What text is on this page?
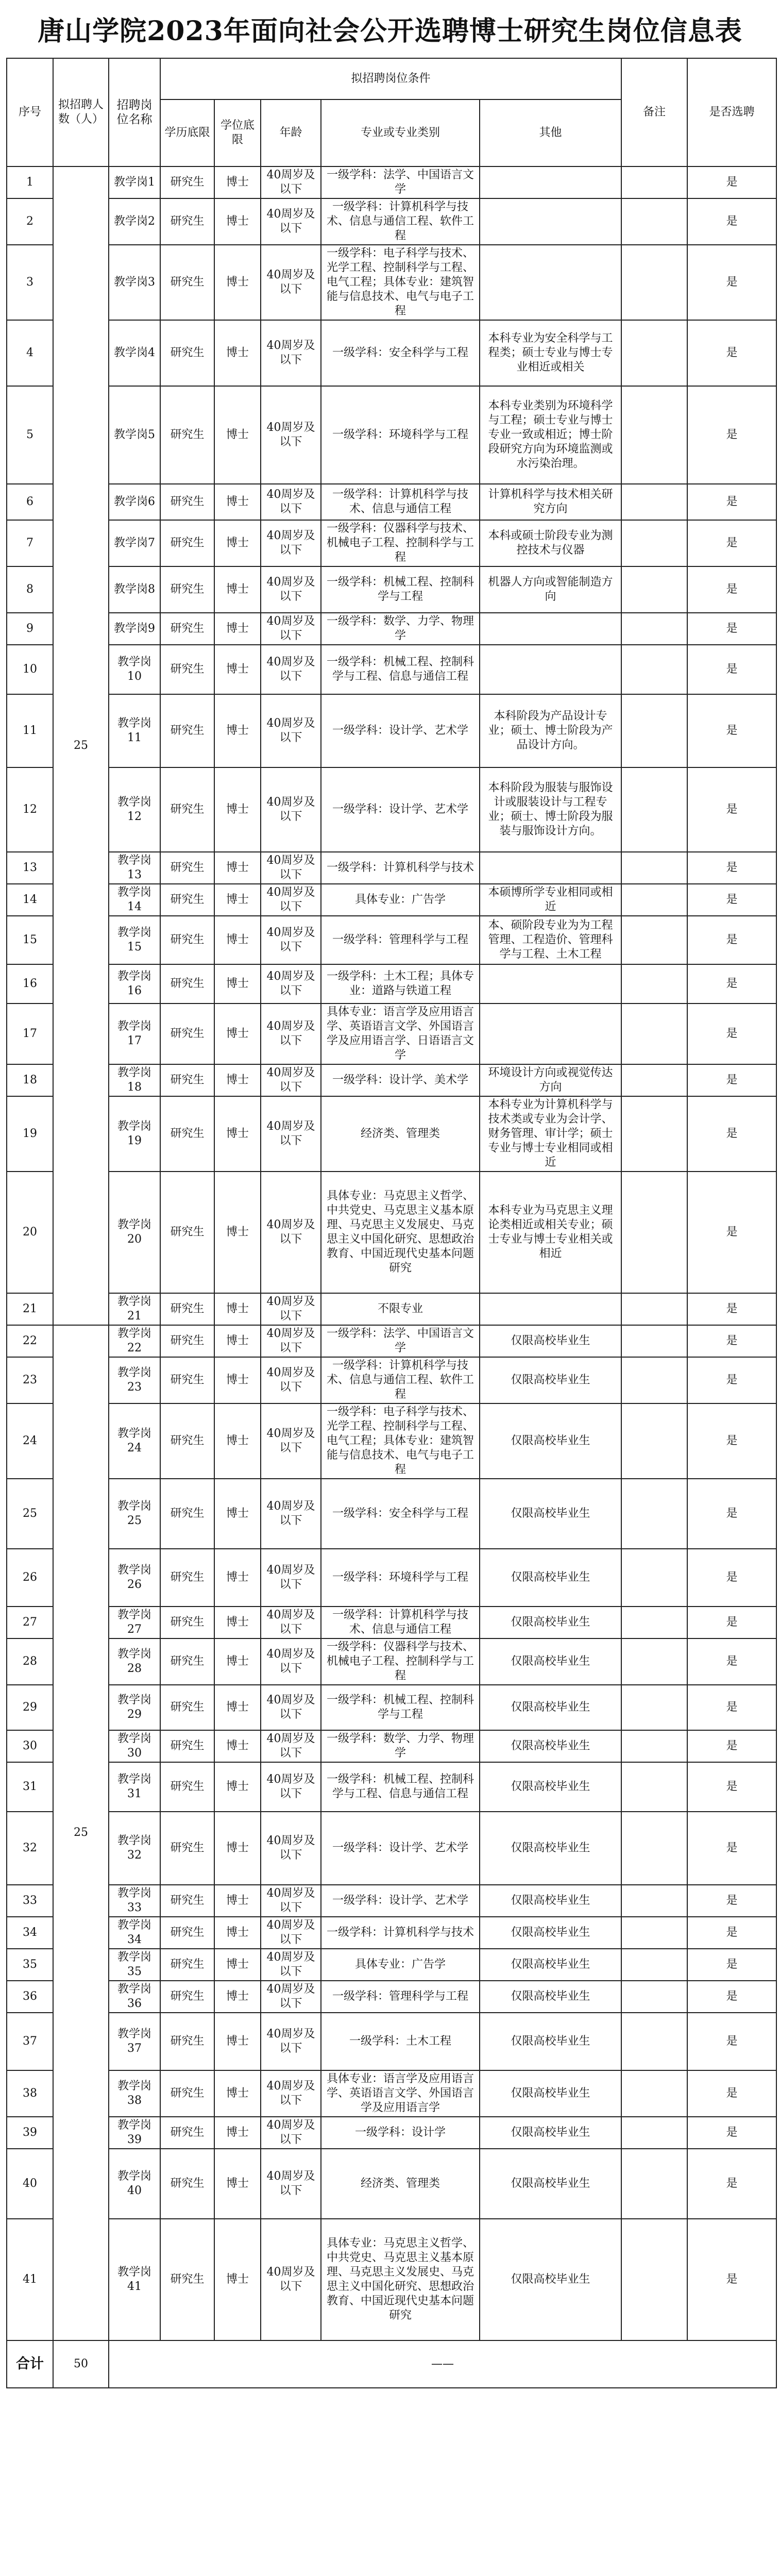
唐山学院2023年面向社会公开选聘博士研究生岗位信息表
序号	拟招聘人数（人）	招聘岗位名称	拟招聘岗位条件					备注	是否选聘
			学历底限	学位底限	年龄	专业或专业类别	其他		
1	25	教学岗1	研究生	博士	40周岁及以下	一级学科：法学、中国语言文学			是
2		教学岗2	研究生	博士	40周岁及以下	一级学科：计算机科学与技术、信息与通信工程、软件工程			是
3		教学岗3	研究生	博士	40周岁及以下	一级学科：电子科学与技术、光学工程、控制科学与工程、电气工程；具体专业：建筑智能与信息技术、电气与电子工程			是
4		教学岗4	研究生	博士	40周岁及以下	一级学科：安全科学与工程	本科专业为安全科学与工程类；硕士专业与博士专业相近或相关		是
5		教学岗5	研究生	博士	40周岁及以下	一级学科：环境科学与工程	本科专业类别为环境科学与工程；硕士专业与博士专业一致或相近；博士阶段研究方向为环境监测或水污染治理。		是
6		教学岗6	研究生	博士	40周岁及以下	一级学科：计算机科学与技术、信息与通信工程	计算机科学与技术相关研究方向		是
7		教学岗7	研究生	博士	40周岁及以下	一级学科：仪器科学与技术、机械电子工程、控制科学与工程	本科或硕士阶段专业为测控技术与仪器		是
8		教学岗8	研究生	博士	40周岁及以下	一级学科：机械工程、控制科学与工程	机器人方向或智能制造方向		是
9		教学岗9	研究生	博士	40周岁及以下	一级学科：数学、力学、物理学			是
10		教学岗10	研究生	博士	40周岁及以下	一级学科：机械工程、控制科学与工程、信息与通信工程			是
11		教学岗11	研究生	博士	40周岁及以下	一级学科：设计学、艺术学	本科阶段为产品设计专业；硕士、博士阶段为产品设计方向。		是
12		教学岗12	研究生	博士	40周岁及以下	一级学科：设计学、艺术学	本科阶段为服装与服饰设计或服装设计与工程专业；硕士、博士阶段为服装与服饰设计方向。		是
13		教学岗13	研究生	博士	40周岁及以下	一级学科：计算机科学与技术			是
14		教学岗14	研究生	博士	40周岁及以下	具体专业：广告学	本硕博所学专业相同或相近		是
15		教学岗15	研究生	博士	40周岁及以下	一级学科：管理科学与工程	本、硕阶段专业为为工程管理、工程造价、管理科学与工程、土木工程		是
16		教学岗16	研究生	博士	40周岁及以下	一级学科：土木工程；具体专业：道路与铁道工程			是
17		教学岗17	研究生	博士	40周岁及以下	具体专业：语言学及应用语言学、英语语言文学、外国语言学及应用语言学、日语语言文学			是
18		教学岗18	研究生	博士	40周岁及以下	一级学科：设计学、美术学	环境设计方向或视觉传达方向		是
19		教学岗19	研究生	博士	40周岁及以下	经济类、管理类	本科专业为计算机科学与技术类或专业为会计学、财务管理、审计学；硕士专业与博士专业相同或相近		是
20		教学岗20	研究生	博士	40周岁及以下	具体专业：马克思主义哲学、中共党史、马克思主义基本原理、马克思主义发展史、马克思主义中国化研究、思想政治教育、中国近现代史基本问题研究	本科专业为马克思主义理论类相近或相关专业；硕士专业与博士专业相关或相近		是
21		教学岗21	研究生	博士	40周岁及以下	不限专业			是
22	25	教学岗22	研究生	博士	40周岁及以下	一级学科：法学、中国语言文学	仅限高校毕业生		是
23		教学岗23	研究生	博士	40周岁及以下	一级学科：计算机科学与技术、信息与通信工程、软件工程	仅限高校毕业生		是
24		教学岗24	研究生	博士	40周岁及以下	一级学科：电子科学与技术、光学工程、控制科学与工程、电气工程；具体专业：建筑智能与信息技术、电气与电子工程	仅限高校毕业生		是
25		教学岗25	研究生	博士	40周岁及以下	一级学科：安全科学与工程	仅限高校毕业生		是
26		教学岗26	研究生	博士	40周岁及以下	一级学科：环境科学与工程	仅限高校毕业生		是
27		教学岗27	研究生	博士	40周岁及以下	一级学科：计算机科学与技术、信息与通信工程	仅限高校毕业生		是
28		教学岗28	研究生	博士	40周岁及以下	一级学科：仪器科学与技术、机械电子工程、控制科学与工程	仅限高校毕业生		是
29		教学岗29	研究生	博士	40周岁及以下	一级学科：机械工程、控制科学与工程	仅限高校毕业生		是
30		教学岗30	研究生	博士	40周岁及以下	一级学科：数学、力学、物理学	仅限高校毕业生		是
31		教学岗31	研究生	博士	40周岁及以下	一级学科：机械工程、控制科学与工程、信息与通信工程	仅限高校毕业生		是
32		教学岗32	研究生	博士	40周岁及以下	一级学科：设计学、艺术学	仅限高校毕业生		是
33		教学岗33	研究生	博士	40周岁及以下	一级学科：设计学、艺术学	仅限高校毕业生		是
34		教学岗34	研究生	博士	40周岁及以下	一级学科：计算机科学与技术	仅限高校毕业生		是
35		教学岗35	研究生	博士	40周岁及以下	具体专业：广告学	仅限高校毕业生		是
36		教学岗36	研究生	博士	40周岁及以下	一级学科：管理科学与工程	仅限高校毕业生		是
37		教学岗37	研究生	博士	40周岁及以下	一级学科：土木工程	仅限高校毕业生		是
38		教学岗38	研究生	博士	40周岁及以下	具体专业：语言学及应用语言学、英语语言文学、外国语言学及应用语言学	仅限高校毕业生		是
39		教学岗39	研究生	博士	40周岁及以下	一级学科：设计学	仅限高校毕业生		是
40		教学岗40	研究生	博士	40周岁及以下	经济类、管理类	仅限高校毕业生		是
41		教学岗41	研究生	博士	40周岁及以下	具体专业：马克思主义哲学、中共党史、马克思主义基本原理、马克思主义发展史、马克思主义中国化研究、思想政治教育、中国近现代史基本问题研究	仅限高校毕业生		是
合计	50	——							
